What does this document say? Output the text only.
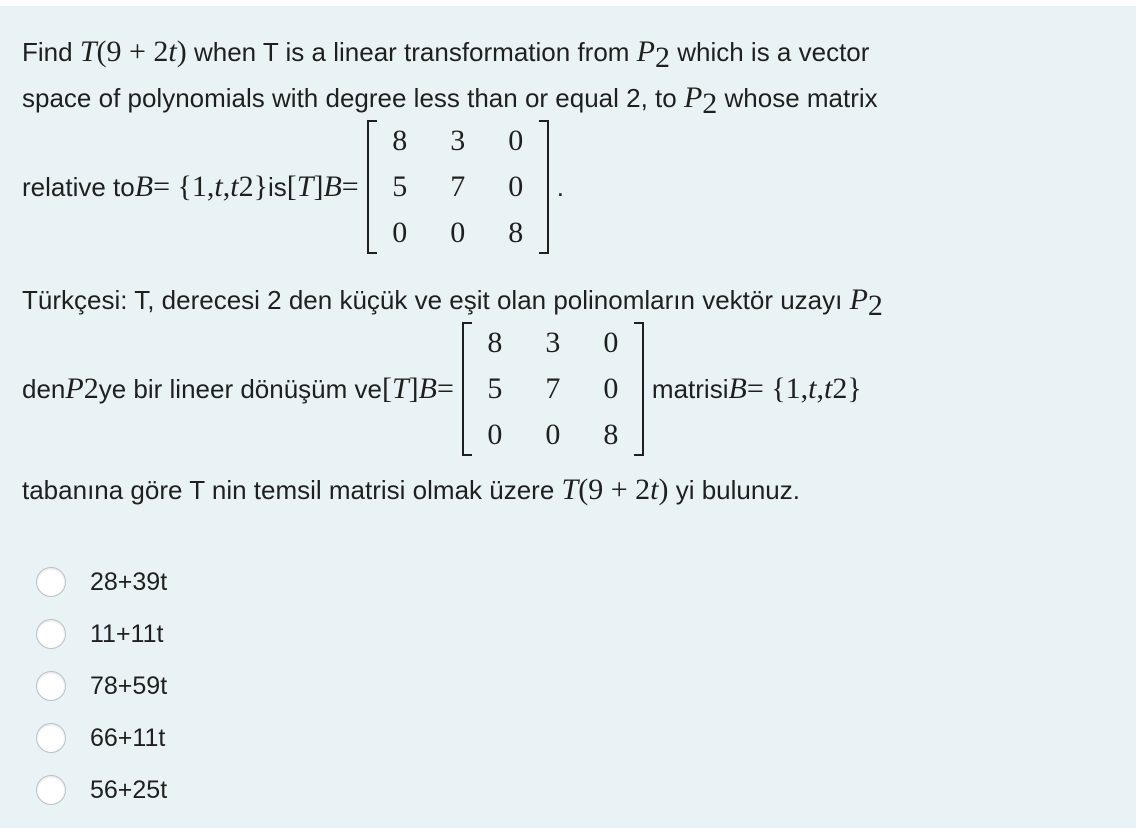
Find T(9 + 2t) when T is a linear transformation from $P_2$ which is a vector
space of polynomials with degree less than or equal 2, to $P_2$ whose matrix
relative to B = {1, t , t 2 } is [ T ] B =
8	3	0
5	7	0
0	0	8
.
Türkçesi: T, derecesi 2 den küçük ve eşit olan polinomların vektör uzayı $P_2$
den P 2 ye bir lineer dönüşüm ve [ T ] B =
8	3	0
5	7	0
0	0	8
matrisi B = {1, t , t 2 }
tabanına göre T nin temsil matrisi olmak üzere T(9 + 2t) yi bulunuz.
28+39t
11+11t
78+59t
66+11t
56+25t
